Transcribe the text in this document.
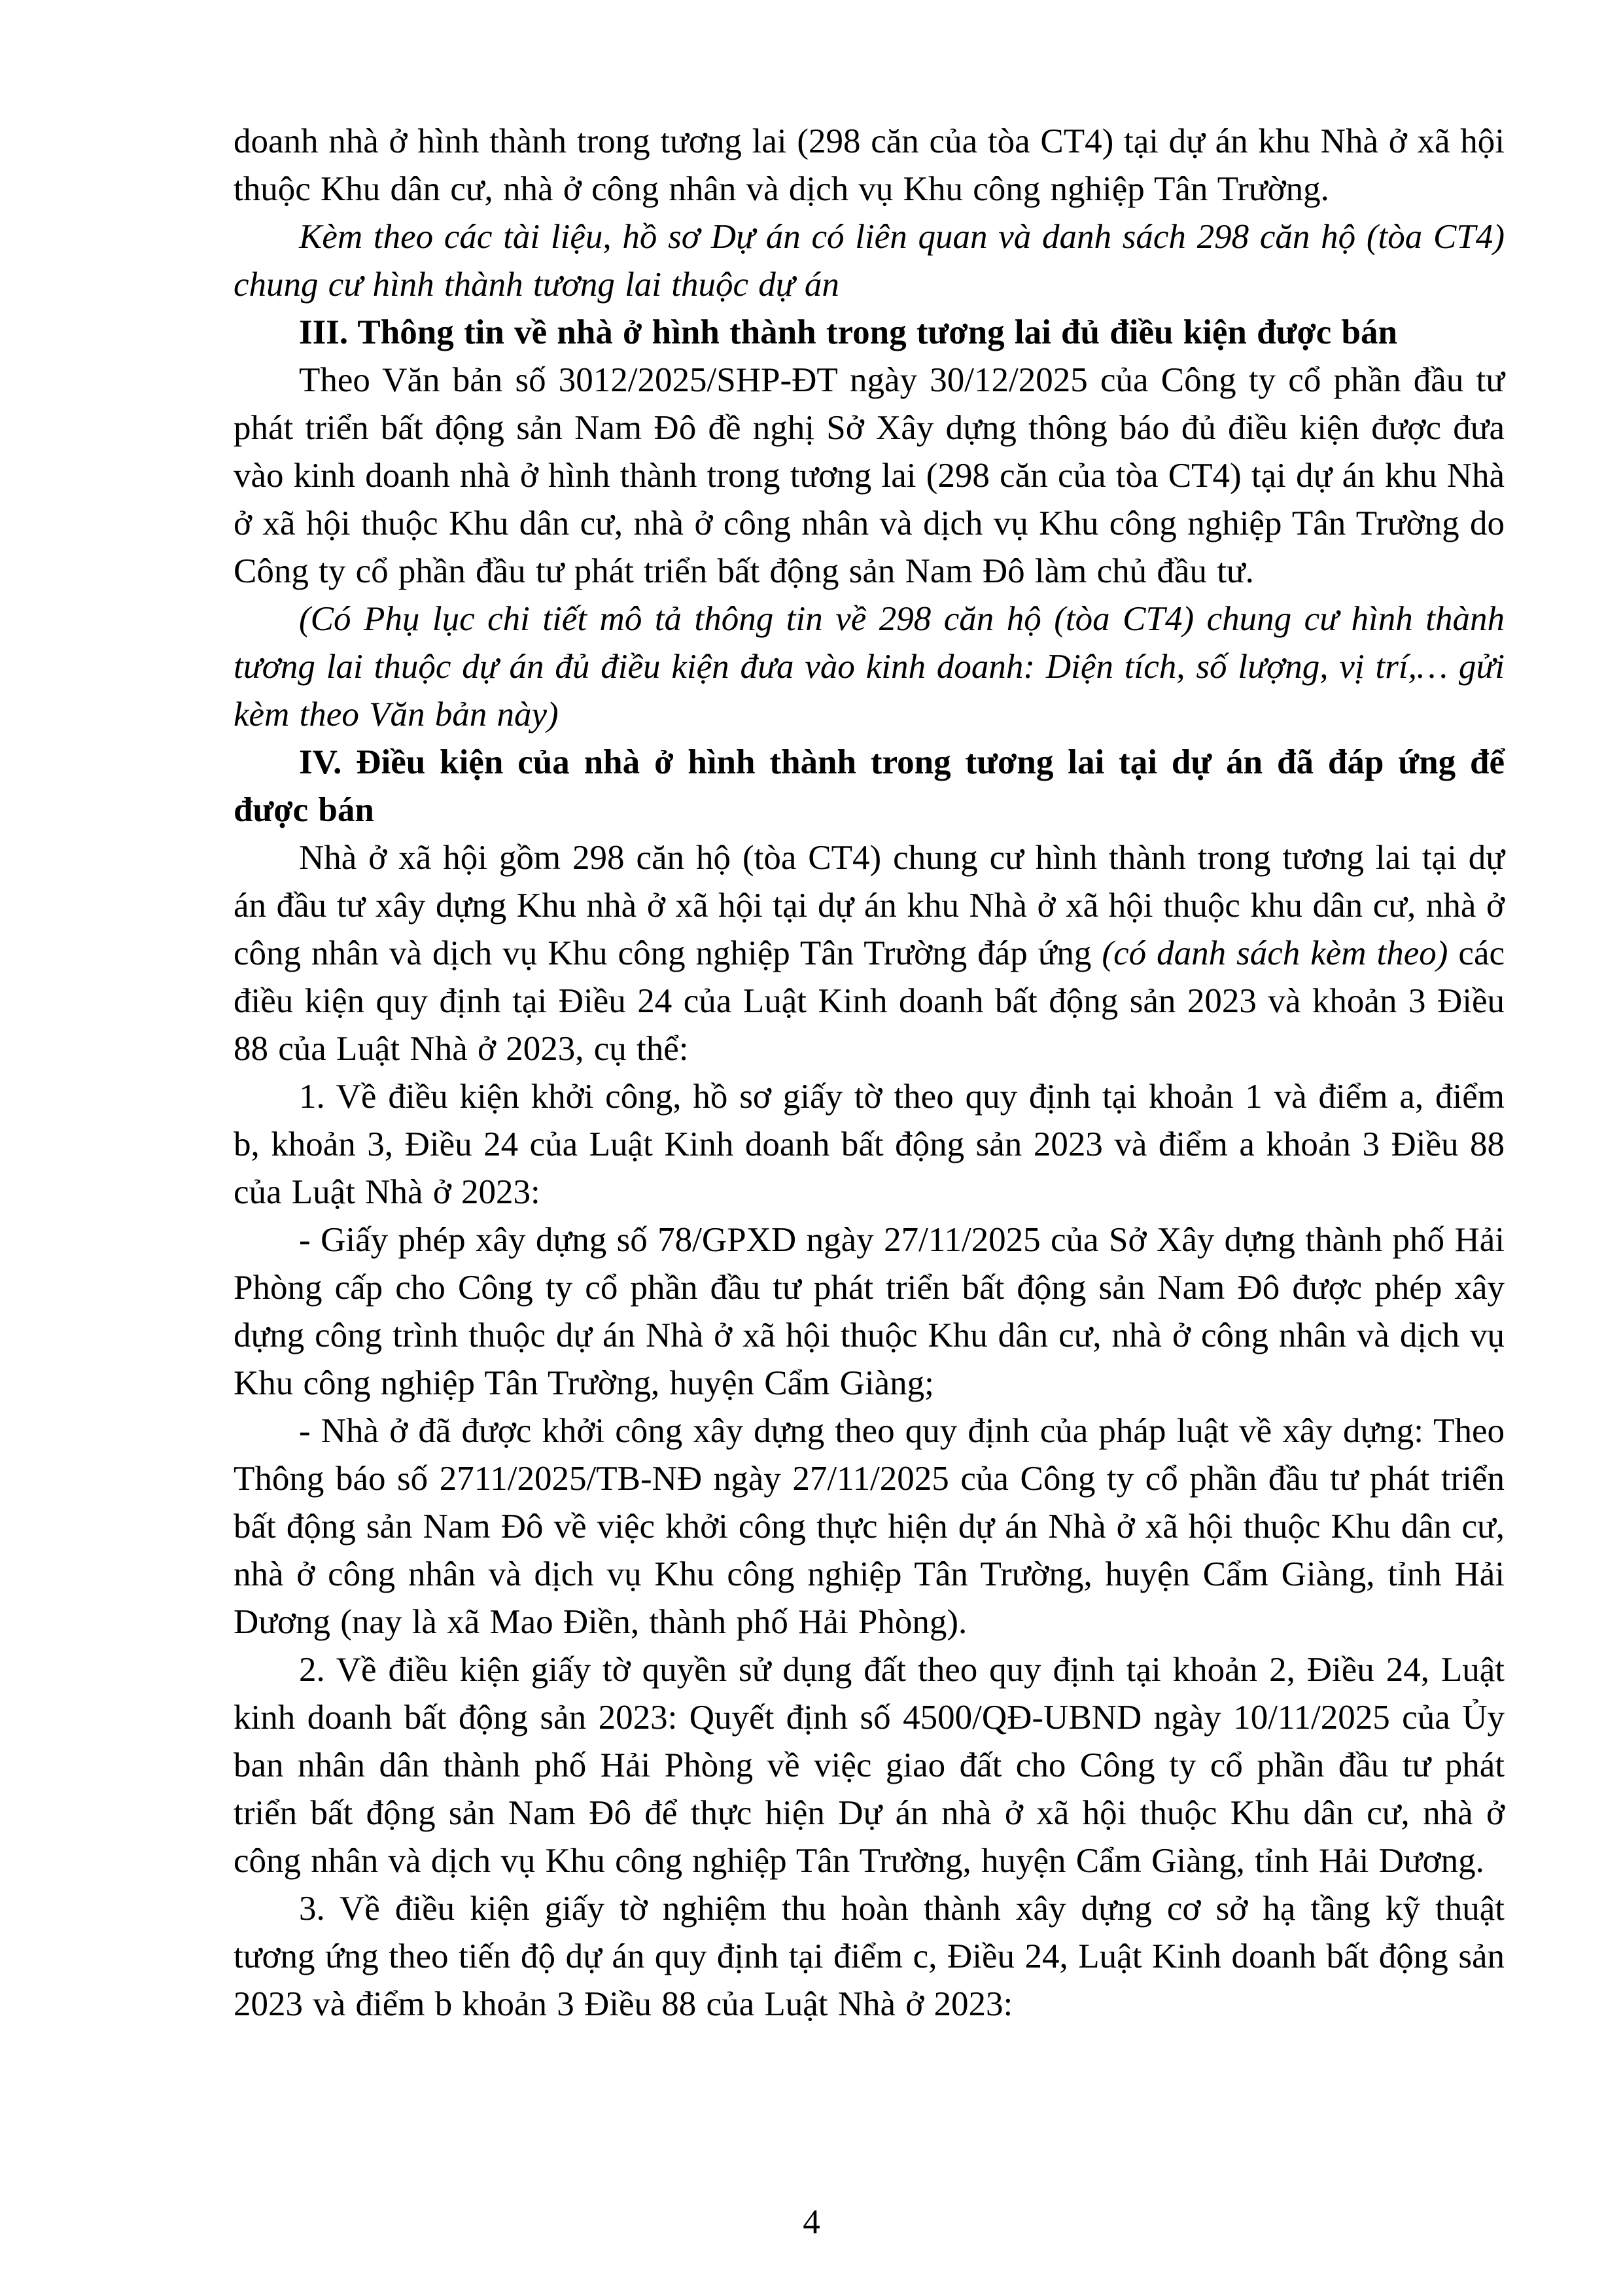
doanh nhà ở hình thành trong tương lai (298 căn của tòa CT4) tại dự án khu Nhà ở xã hội thuộc Khu dân cư, nhà ở công nhân và dịch vụ Khu công nghiệp Tân Trường.

Kèm theo các tài liệu, hồ sơ Dự án có liên quan và danh sách 298 căn hộ (tòa CT4) chung cư hình thành tương lai thuộc dự án

III. Thông tin về nhà ở hình thành trong tương lai đủ điều kiện được bán

Theo Văn bản số 3012/2025/SHP-ĐT ngày 30/12/2025 của Công ty cổ phần đầu tư phát triển bất động sản Nam Đô đề nghị Sở Xây dựng thông báo đủ điều kiện được đưa vào kinh doanh nhà ở hình thành trong tương lai (298 căn của tòa CT4) tại dự án khu Nhà ở xã hội thuộc Khu dân cư, nhà ở công nhân và dịch vụ Khu công nghiệp Tân Trường do Công ty cổ phần đầu tư phát triển bất động sản Nam Đô làm chủ đầu tư.

(Có Phụ lục chi tiết mô tả thông tin về 298 căn hộ (tòa CT4) chung cư hình thành tương lai thuộc dự án đủ điều kiện đưa vào kinh doanh: Diện tích, số lượng, vị trí,… gửi kèm theo Văn bản này)

IV. Điều kiện của nhà ở hình thành trong tương lai tại dự án đã đáp ứng để được bán

Nhà ở xã hội gồm 298 căn hộ (tòa CT4) chung cư hình thành trong tương lai tại dự án đầu tư xây dựng Khu nhà ở xã hội tại dự án khu Nhà ở xã hội thuộc khu dân cư, nhà ở công nhân và dịch vụ Khu công nghiệp Tân Trường đáp ứng (có danh sách kèm theo) các điều kiện quy định tại Điều 24 của Luật Kinh doanh bất động sản 2023 và khoản 3 Điều 88 của Luật Nhà ở 2023, cụ thể:

1. Về điều kiện khởi công, hồ sơ giấy tờ theo quy định tại khoản 1 và điểm a, điểm b, khoản 3, Điều 24 của Luật Kinh doanh bất động sản 2023 và điểm a khoản 3 Điều 88 của Luật Nhà ở 2023:

- Giấy phép xây dựng số 78/GPXD ngày 27/11/2025 của Sở Xây dựng thành phố Hải Phòng cấp cho Công ty cổ phần đầu tư phát triển bất động sản Nam Đô được phép xây dựng công trình thuộc dự án Nhà ở xã hội thuộc Khu dân cư, nhà ở công nhân và dịch vụ Khu công nghiệp Tân Trường, huyện Cẩm Giàng;

- Nhà ở đã được khởi công xây dựng theo quy định của pháp luật về xây dựng: Theo Thông báo số 2711/2025/TB-NĐ ngày 27/11/2025 của Công ty cổ phần đầu tư phát triển bất động sản Nam Đô về việc khởi công thực hiện dự án Nhà ở xã hội thuộc Khu dân cư, nhà ở công nhân và dịch vụ Khu công nghiệp Tân Trường, huyện Cẩm Giàng, tỉnh Hải Dương (nay là xã Mao Điền, thành phố Hải Phòng).

2. Về điều kiện giấy tờ quyền sử dụng đất theo quy định tại khoản 2, Điều 24, Luật kinh doanh bất động sản 2023: Quyết định số 4500/QĐ-UBND ngày 10/11/2025 của Ủy ban nhân dân thành phố Hải Phòng về việc giao đất cho Công ty cổ phần đầu tư phát triển bất động sản Nam Đô để thực hiện Dự án nhà ở xã hội thuộc Khu dân cư, nhà ở công nhân và dịch vụ Khu công nghiệp Tân Trường, huyện Cẩm Giàng, tỉnh Hải Dương.

3. Về điều kiện giấy tờ nghiệm thu hoàn thành xây dựng cơ sở hạ tầng kỹ thuật tương ứng theo tiến độ dự án quy định tại điểm c, Điều 24, Luật Kinh doanh bất động sản 2023 và điểm b khoản 3 Điều 88 của Luật Nhà ở 2023:

4
